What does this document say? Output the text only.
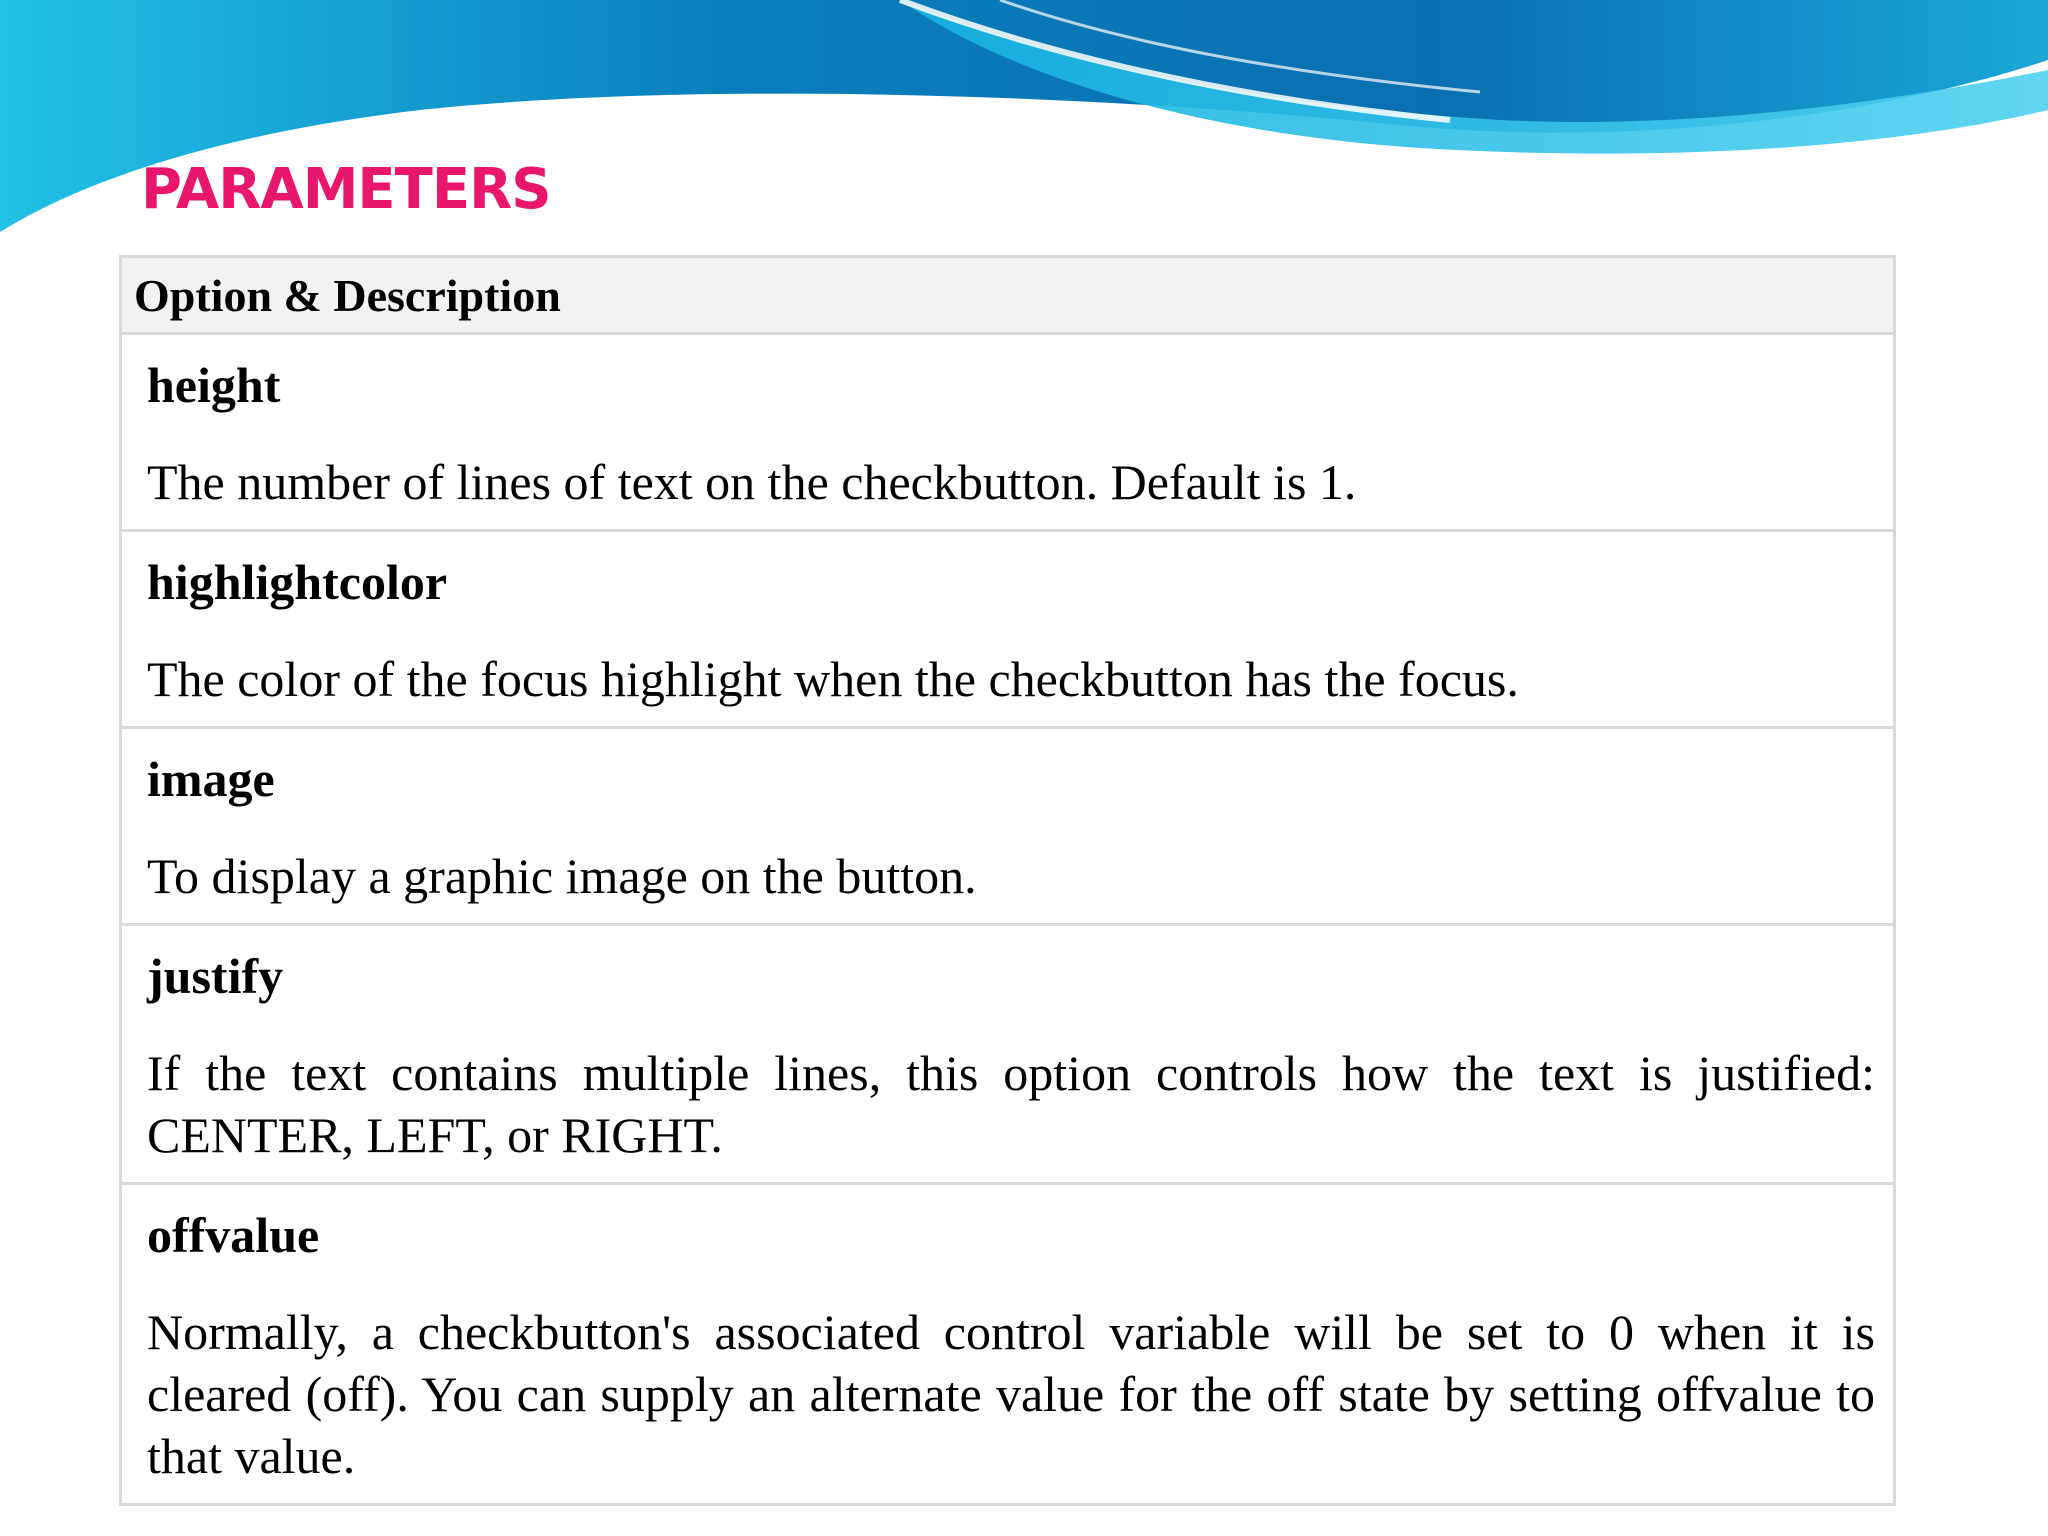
PARAMETERS
Option & Description
height
The number of lines of text on the checkbutton. Default is 1.
highlightcolor
The color of the focus highlight when the checkbutton has the focus.
image
To display a graphic image on the button.
justify
If the text contains multiple lines, this option controls how the text is justified: CENTER, LEFT, or RIGHT.
offvalue
Normally, a checkbutton's associated control variable will be set to 0 when it is cleared (off). You can supply an alternate value for the off state by setting offvalue to that value.
